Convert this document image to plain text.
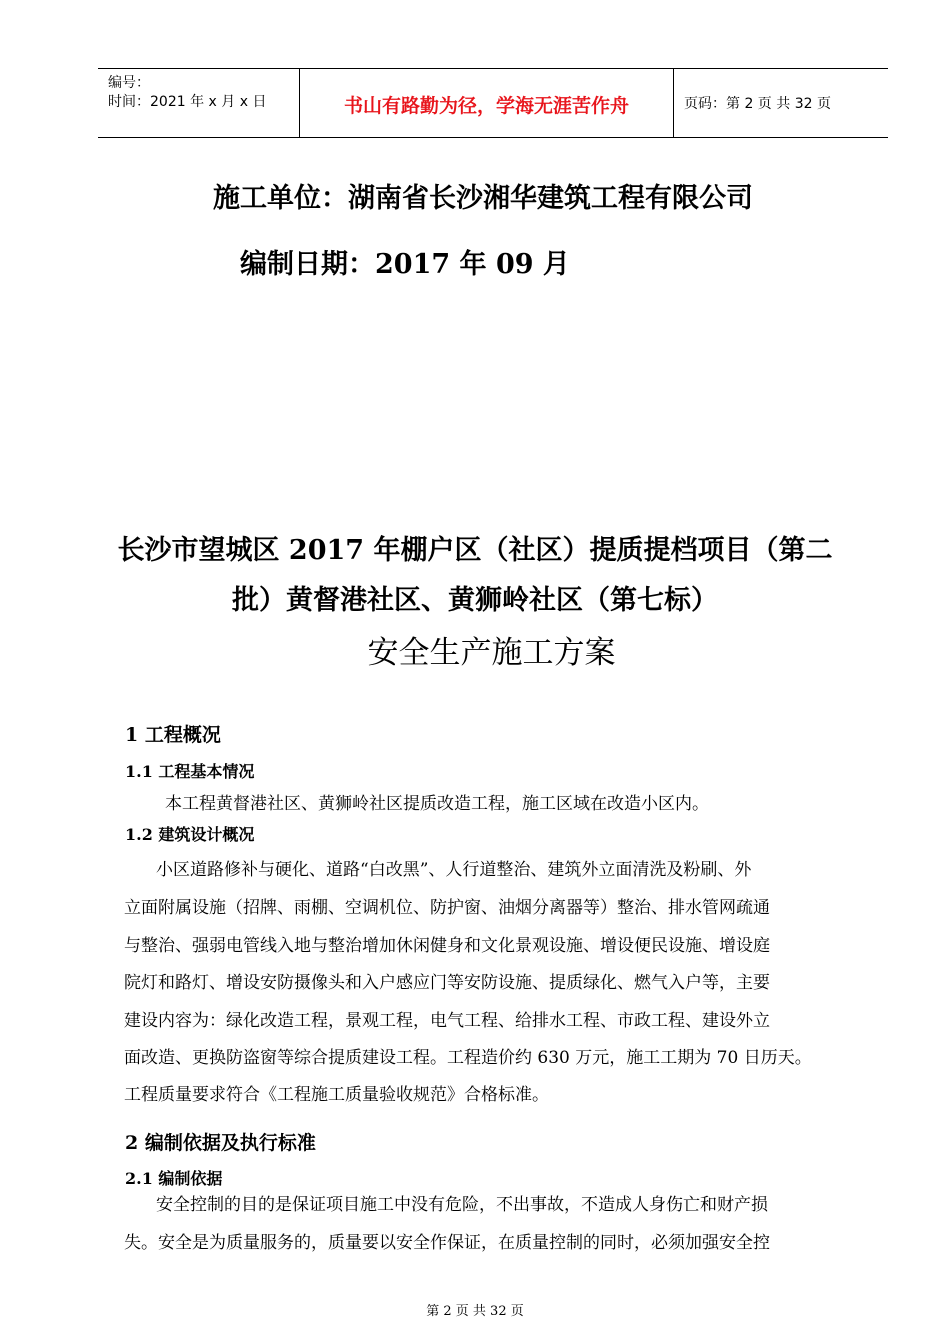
编号：
时间：2021 年 x 月 x 日	书山有路勤为径，学海无涯苦作舟	页码：第 2 页 共 32 页
施工单位：湖南省长沙湘华建筑工程有限公司
编制日期：2017 年 09 月
长沙市望城区 2017 年棚户区（社区）提质提档项目（第二
批）黄督港社区、黄狮岭社区（第七标）
安全生产施工方案
1 工程概况
1.1 工程基本情况
本工程黄督港社区、黄狮岭社区提质改造工程，施工区域在改造小区内。
1.2 建筑设计概况
小区道路修补与硬化、道路“白改黑”、人行道整治、建筑外立面清洗及粉刷、外
立面附属设施（招牌、雨棚、空调机位、防护窗、油烟分离器等）整治、排水管网疏通
与整治、强弱电管线入地与整治增加休闲健身和文化景观设施、增设便民设施、增设庭
院灯和路灯、增设安防摄像头和入户感应门等安防设施、提质绿化、燃气入户等，主要
建设内容为：绿化改造工程，景观工程，电气工程、给排水工程、市政工程、建设外立
面改造、更换防盗窗等综合提质建设工程。工程造价约 630 万元，施工工期为 70 日历天。
工程质量要求符合《工程施工质量验收规范》合格标准。
2 编制依据及执行标准
2.1 编制依据
安全控制的目的是保证项目施工中没有危险，不出事故，不造成人身伤亡和财产损
失。安全是为质量服务的，质量要以安全作保证，在质量控制的同时，必须加强安全控
第 2 页 共 32 页
